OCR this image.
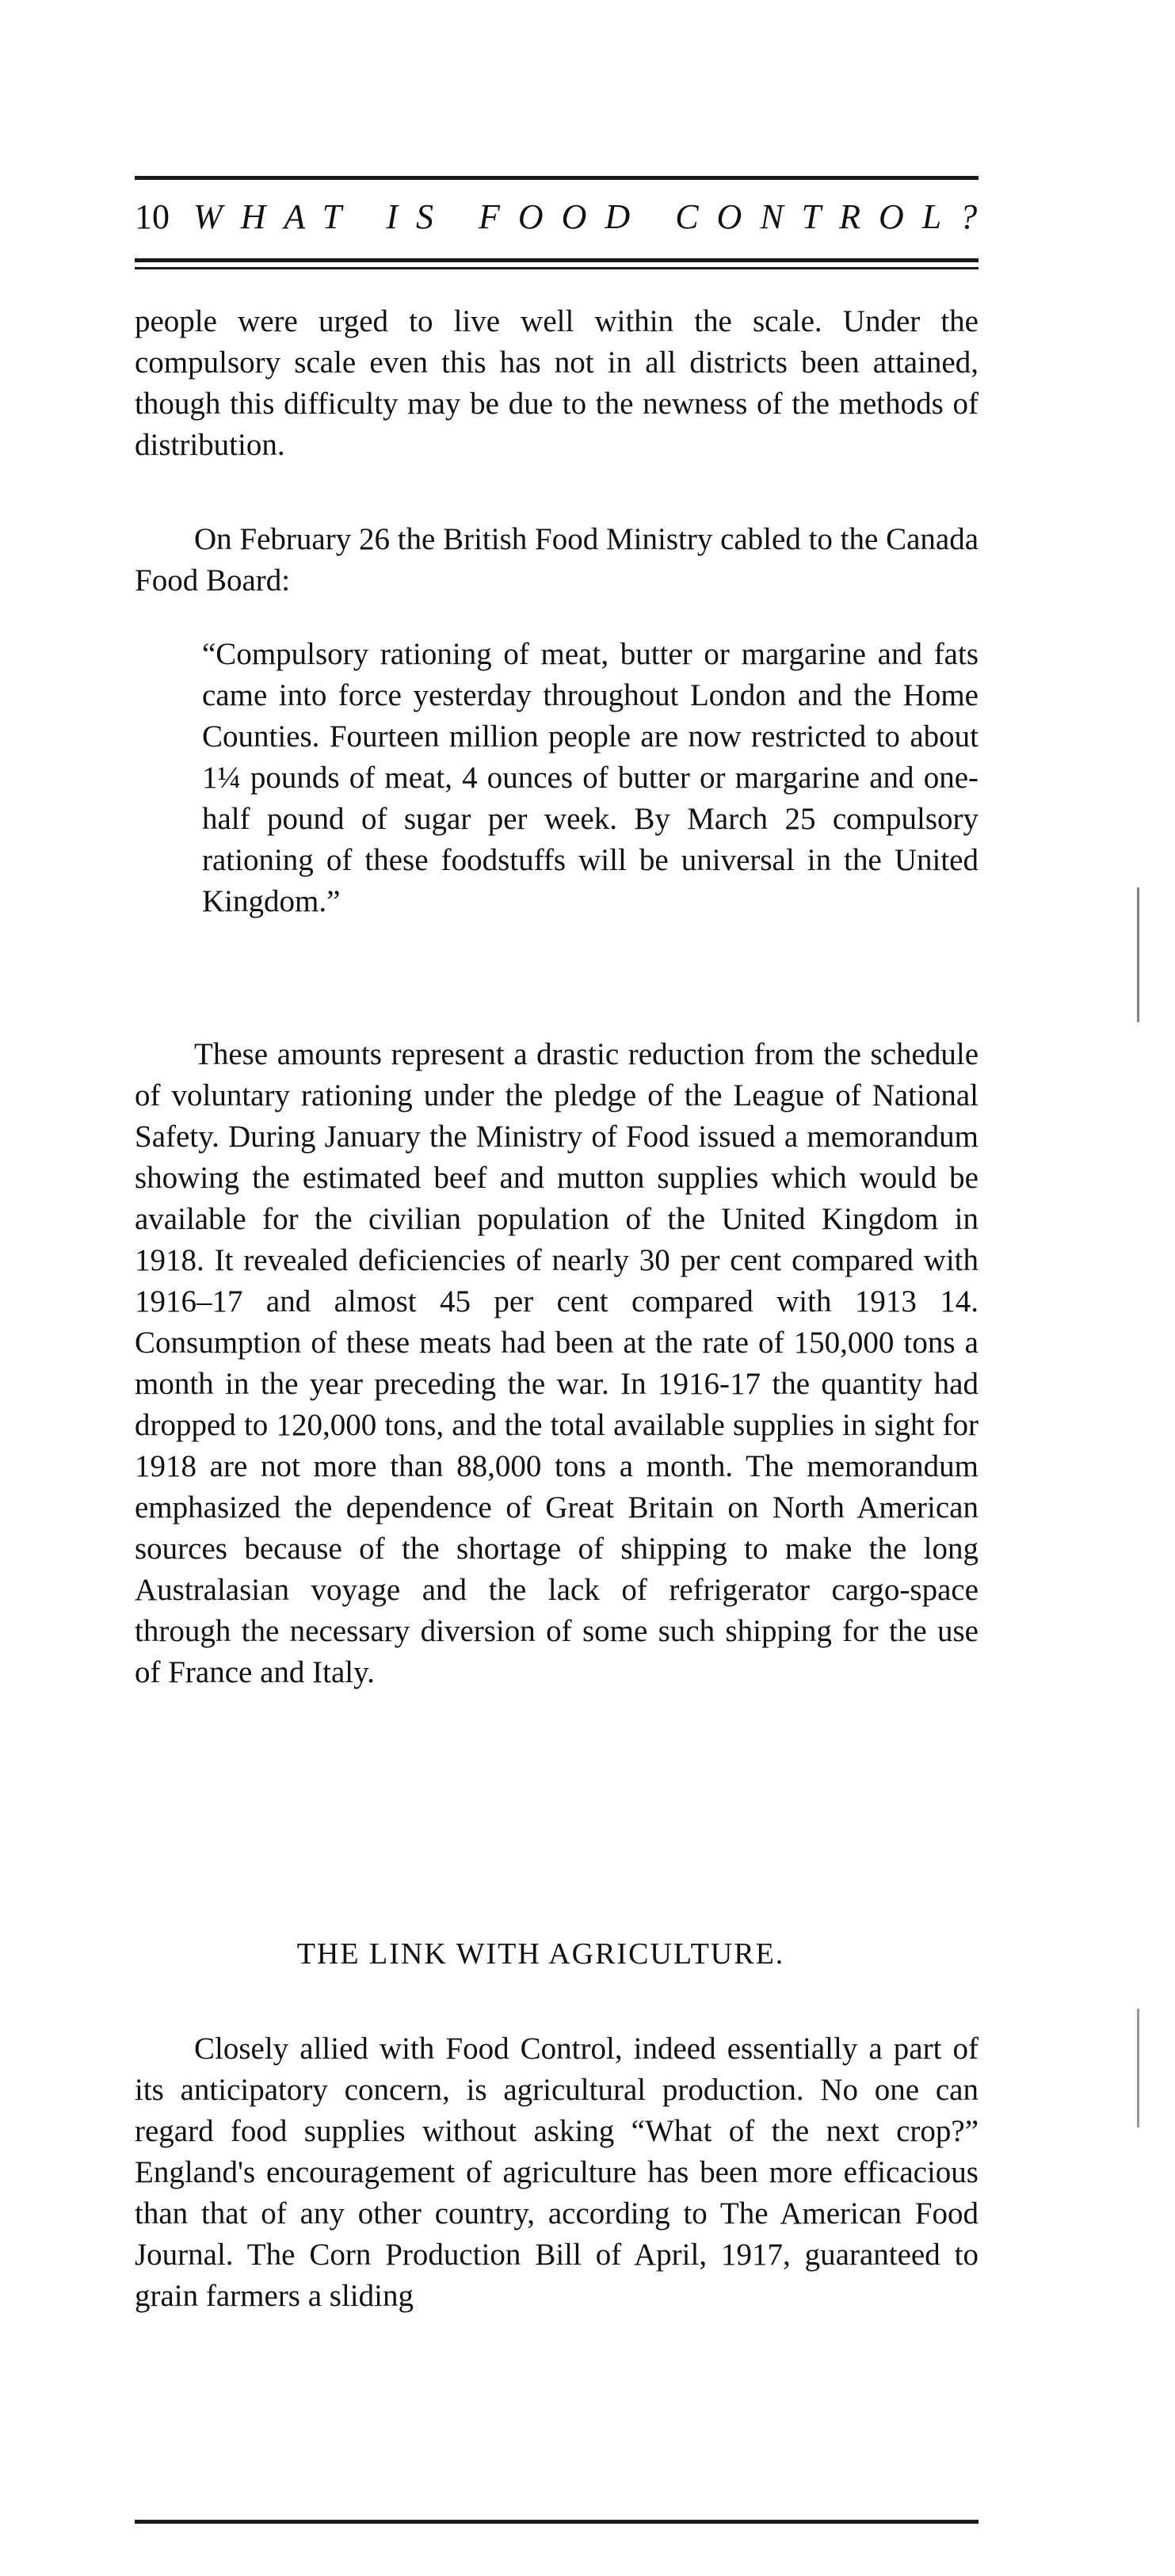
10 WHAT IS FOOD CONTROL?

people were urged to live well within the scale. Under the compulsory scale even this has not in all districts been attained, though this difficulty may be due to the newness of the methods of distribution.

On February 26 the British Food Ministry cabled to the Canada Food Board:

“Compulsory rationing of meat, butter or margarine and fats came into force yesterday throughout London and the Home Counties. Fourteen million people are now restricted to about 1¼ pounds of meat, 4 ounces of butter or margarine and one-half pound of sugar per week. By March 25 compulsory rationing of these foodstuffs will be universal in the United Kingdom.”

These amounts represent a drastic reduction from the schedule of voluntary rationing under the pledge of the League of National Safety. During January the Ministry of Food issued a memorandum showing the estimated beef and mutton supplies which would be available for the civilian population of the United Kingdom in 1918. It revealed deficiencies of nearly 30 per cent compared with 1916–17 and almost 45 per cent compared with 1913 14. Consumption of these meats had been at the rate of 150,000 tons a month in the year preceding the war. In 1916-17 the quantity had dropped to 120,000 tons, and the total available supplies in sight for 1918 are not more than 88,000 tons a month. The memorandum emphasized the dependence of Great Britain on North American sources because of the shortage of shipping to make the long Australasian voyage and the lack of refrigerator cargo-space through the necessary diversion of some such shipping for the use of France and Italy.

THE LINK WITH AGRICULTURE.

Closely allied with Food Control, indeed essentially a part of its anticipatory concern, is agricultural production. No one can regard food supplies without asking “What of the next crop?” England's encouragement of agriculture has been more efficacious than that of any other country, according to The American Food Journal. The Corn Production Bill of April, 1917, guaranteed to grain farmers a sliding
